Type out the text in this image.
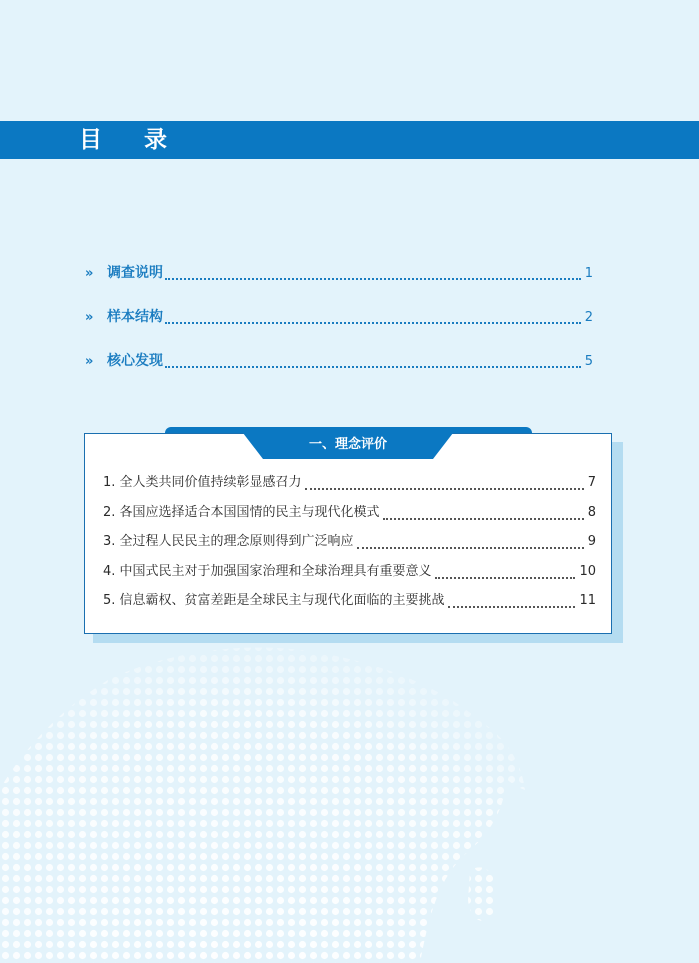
目 录
» 调查说明	1
» 样本结构	2
» 核心发现	5
一、理念评价
1. 全人类共同价值持续彰显感召力	7
2. 各国应选择适合本国国情的民主与现代化模式	8
3. 全过程人民民主的理念原则得到广泛响应	9
4. 中国式民主对于加强国家治理和全球治理具有重要意义	10
5. 信息霸权、贫富差距是全球民主与现代化面临的主要挑战	11
